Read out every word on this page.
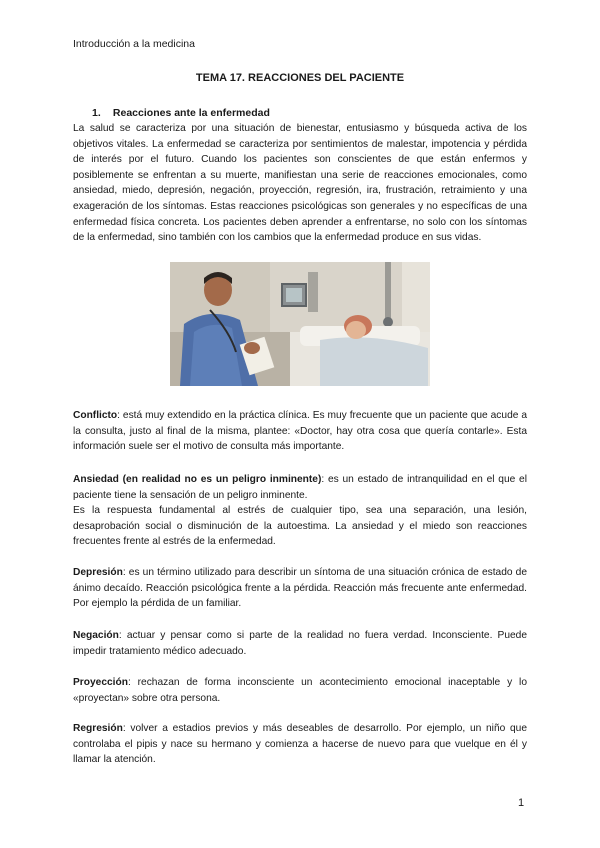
Introducción a la medicina
TEMA 17. REACCIONES DEL PACIENTE
1. Reacciones ante la enfermedad
La salud se caracteriza por una situación de bienestar, entusiasmo y búsqueda activa de los objetivos vitales. La enfermedad se caracteriza por sentimientos de malestar, impotencia y pérdida de interés por el futuro. Cuando los pacientes son conscientes de que están enfermos y posiblemente se enfrentan a su muerte, manifiestan una serie de reacciones emocionales, como ansiedad, miedo, depresión, negación, proyección, regresión, ira, frustración, retraimiento y una exageración de los síntomas. Estas reacciones psicológicas son generales y no específicas de una enfermedad física concreta. Los pacientes deben aprender a enfrentarse, no solo con los síntomas de la enfermedad, sino también con los cambios que la enfermedad produce en sus vidas.
Conflicto: está muy extendido en la práctica clínica. Es muy frecuente que un paciente que acude a la consulta, justo al final de la misma, plantee: «Doctor, hay otra cosa que quería contarle». Esta información suele ser el motivo de consulta más importante.
Ansiedad (en realidad no es un peligro inminente): es un estado de intranquilidad en el que el paciente tiene la sensación de un peligro inminente.
Es la respuesta fundamental al estrés de cualquier tipo, sea una separación, una lesión, desaprobación social o disminución de la autoestima. La ansiedad y el miedo son reacciones frecuentes frente al estrés de la enfermedad.
Depresión: es un término utilizado para describir un síntoma de una situación crónica de estado de ánimo decaído. Reacción psicológica frente a la pérdida. Reacción más frecuente ante enfermedad. Por ejemplo la pérdida de un familiar.
Negación: actuar y pensar como si parte de la realidad no fuera verdad. Inconsciente. Puede impedir tratamiento médico adecuado.
Proyección: rechazan de forma inconsciente un acontecimiento emocional inaceptable y lo «proyectan» sobre otra persona.
Regresión: volver a estadios previos y más deseables de desarrollo. Por ejemplo, un niño que controlaba el pipis y nace su hermano y comienza a hacerse de nuevo para que vuelque en él y llamar la atención.
1
